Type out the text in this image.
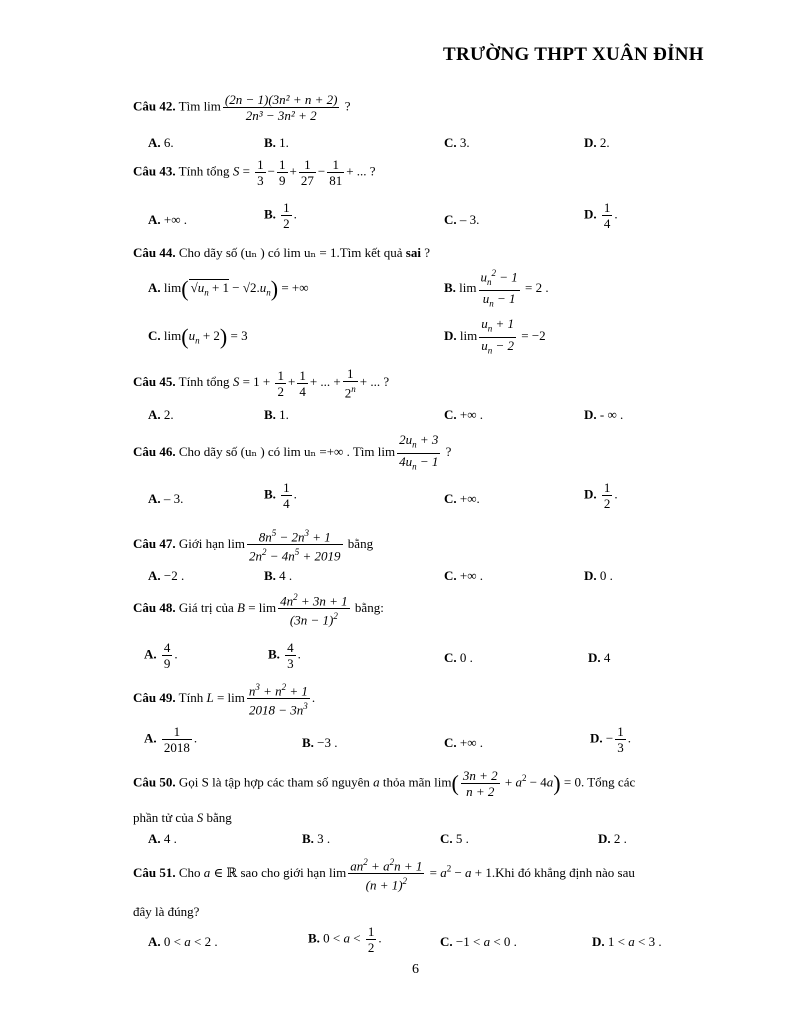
TRƯỜNG THPT XUÂN ĐỈNH
Câu 42. Tìm $\lim \frac{\text{(2n − 1)(3n² + n + 2)}}{\text{2n³ − 3n² + 2}}$ ?
A. 6.	B. 1.	C. 3.	D. 2.
Câu 43. Tính tổng $S = \frac{1}{3} - \frac{1}{9} + \frac{1}{27} - \frac{1}{81}$ + ... ?
A. +∞ .	B. $\frac{1}{2}$ .	C. – 3.	D. $\frac{1}{4}$ .
Câu 44. Cho dãy số (uₙ ) có lim uₙ = 1.Tìm kết quả sai ?
A. lim( $√u_n + 1 - √2.u_n$) = +∞	B. $\lim \frac{u_n^2 - 1}{u_n - 1} = 2$ .
C. $\lim(u_n + 2) = 3$	D. $\lim \frac{u_n + 1}{u_n - 2} = -2$
Câu 45. Tính tổng $S = 1 + \frac{1}{2} + \frac{1}{4}$ + ... + $\frac{1}{2^n}$ + ... ?
A. 2.	B. 1.	C. +∞ .	D. - ∞ .
Câu 46. Cho dãy số (uₙ ) có lim uₙ =+∞ . Tìm $\lim \frac{2u_n + 3}{4u_n - 1}$ ?
A. – 3.	B. $\frac{1}{4}$ .	C. +∞.	D. $\frac{1}{2}$ .
Câu 47. Giới hạn $\lim \frac{8n^5 - 2n^3 + 1}{2n^2 - 4n^5 + 2019}$ bằng
A. −2 .	B. 4 .	C. +∞ .	D. 0 .
Câu 48. Giá trị của $B = \lim \frac{4n^2 + 3n + 1}{(3n - 1)^2}$ bằng:
A. $\frac{4}{9}$ .	B. $\frac{4}{3}$ .	C. 0 .	D. 4
Câu 49. Tính $L = \lim \frac{n^3 + n^2 + 1}{2018 - 3n^3}$ .
A. $\frac{1}{2018}$ .	B. −3 .	C. +∞ .	D. − $\frac{1}{3}$ .
Câu 50. Gọi S là tập hợp các tham số nguyên a thỏa mãn $\lim( \frac{3n + 2}{n + 2} + a^2 - 4a) = 0$. Tổng các
phần tử của S bằng
A. 4 .	B. 3 .	C. 5 .	D. 2 .
Câu 51. Cho a ∈ ℝ sao cho giới hạn $\lim \frac{an^2 + a^2n + 1}{(n + 1)^2} = a^2 - a + 1.Khi$ đó khẳng định nào sau
đây là đúng?
A. 0 < a < 2 .	B. $0 < a < \frac{1}{2}$ .	C. −1 < a < 0 .	D. 1 < a < 3 .
6
